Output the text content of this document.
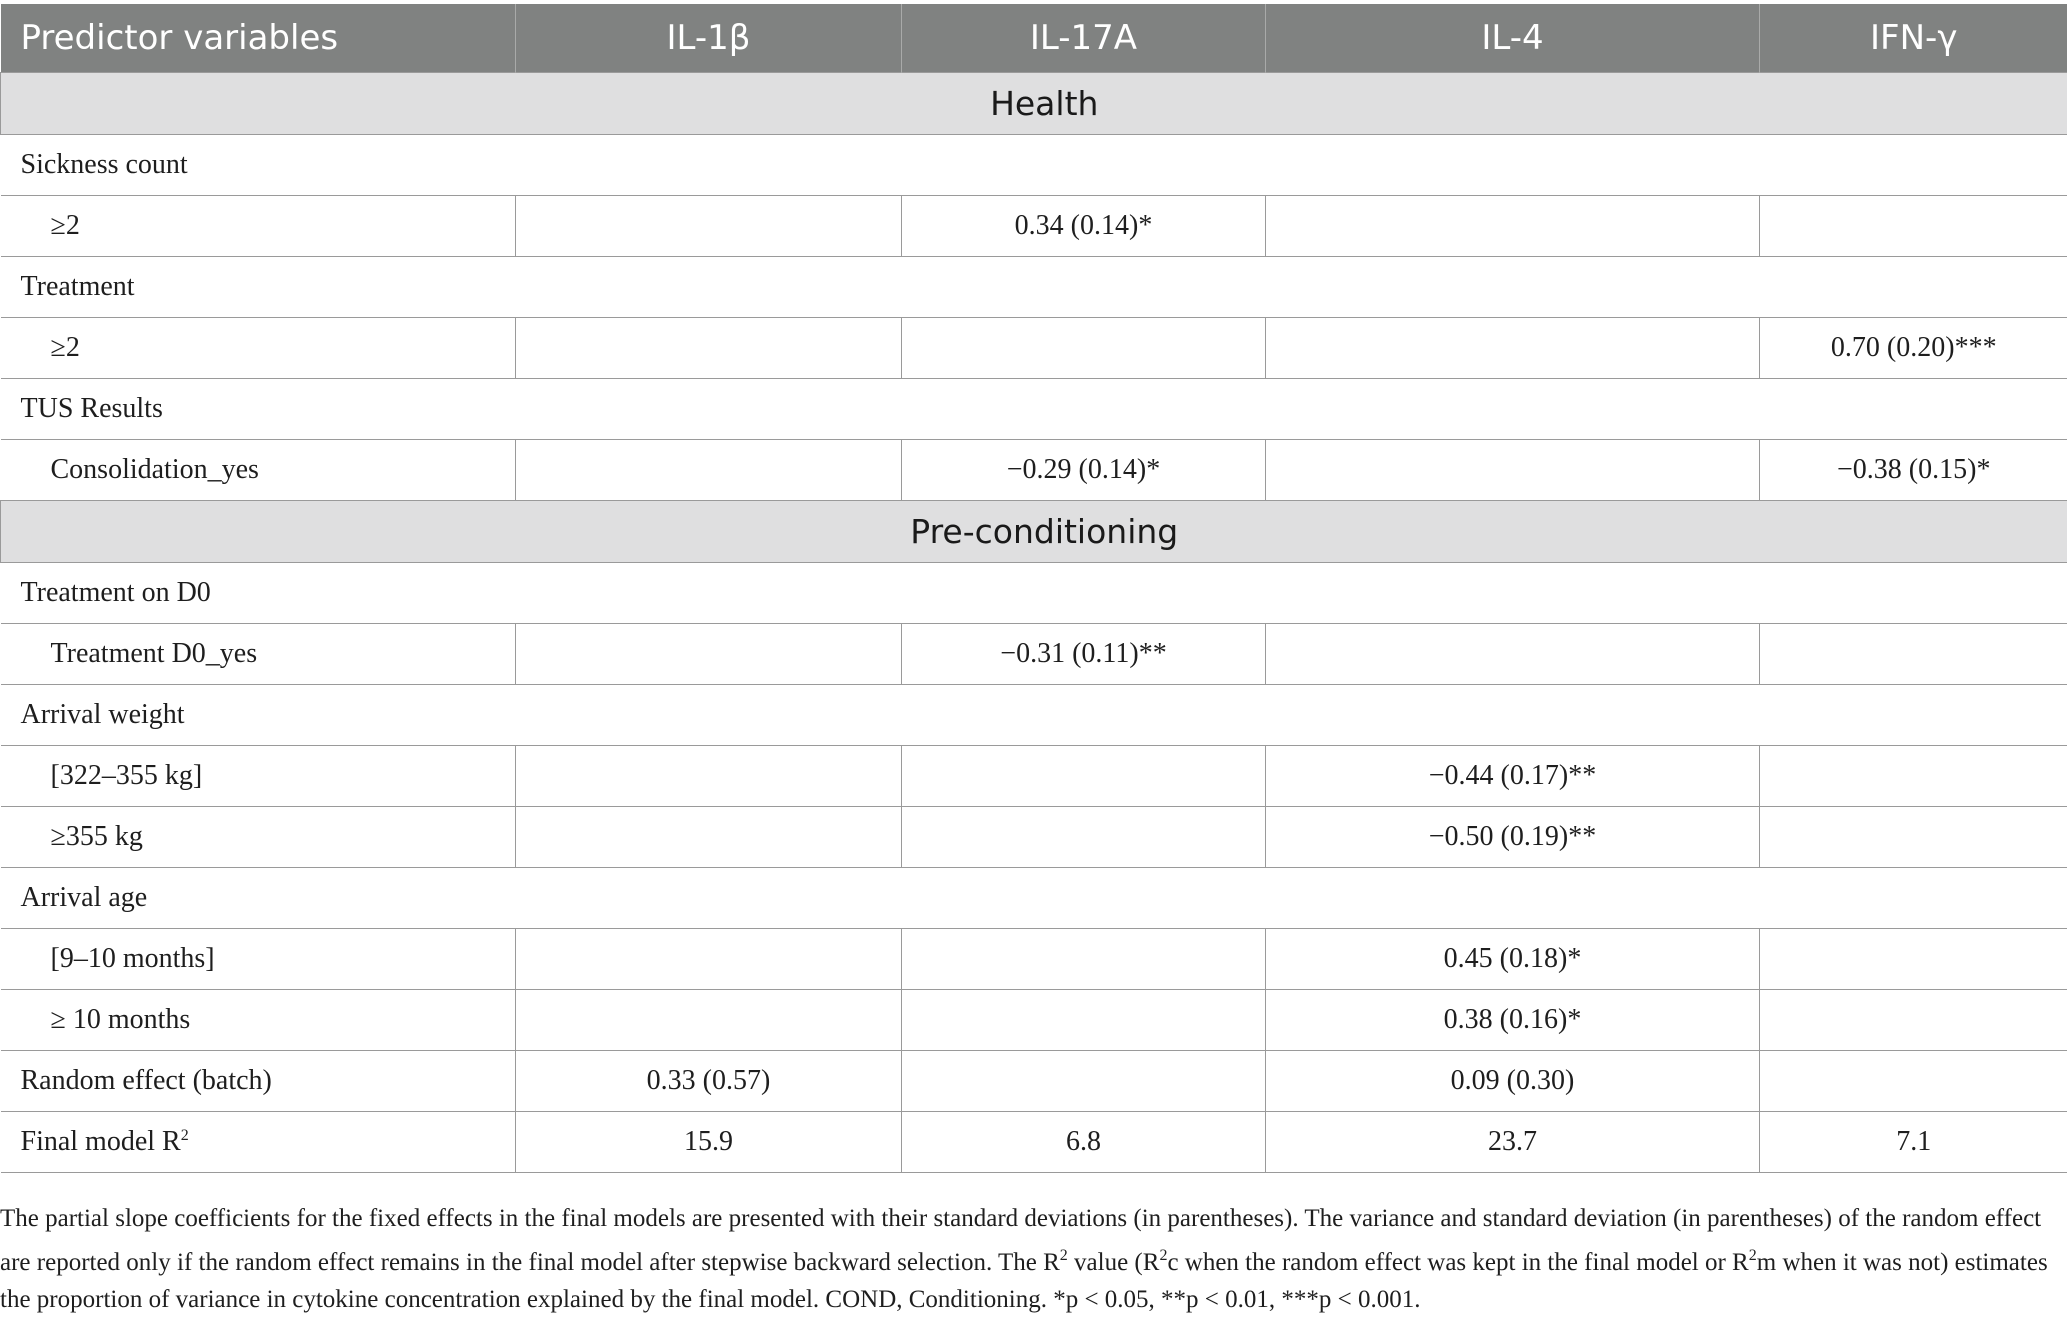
Predictor variables	IL-1β	IL-17A	IL-4	IFN-γ
Health				
Sickness count				
≥2		0.34 (0.14)*		
Treatment				
≥2				0.70 (0.20)***
TUS Results				
Consolidation_yes		−0.29 (0.14)*		−0.38 (0.15)*
Pre-conditioning				
Treatment on D0				
Treatment D0_yes		−0.31 (0.11)**		
Arrival weight				
[322–355 kg]			−0.44 (0.17)**	
≥355 kg			−0.50 (0.19)**	
Arrival age				
[9–10 months]			0.45 (0.18)*	
≥ 10 months			0.38 (0.16)*	
Random effect (batch)	0.33 (0.57)		0.09 (0.30)	
Final model $R^2$	15.9	6.8	23.7	7.1
The partial slope coefficients for the fixed effects in the final models are presented with their standard deviations (in parentheses). The variance and standard deviation (in parentheses) of the random effect are reported only if the random effect remains in the final model after stepwise backward selection. The $R^2$ value ($R^2c$ when the random effect was kept in the final model or $R^2m$ when it was not) estimates the proportion of variance in cytokine concentration explained by the final model. COND, Conditioning. *p < 0.05, **p < 0.01, ***p < 0.001.
